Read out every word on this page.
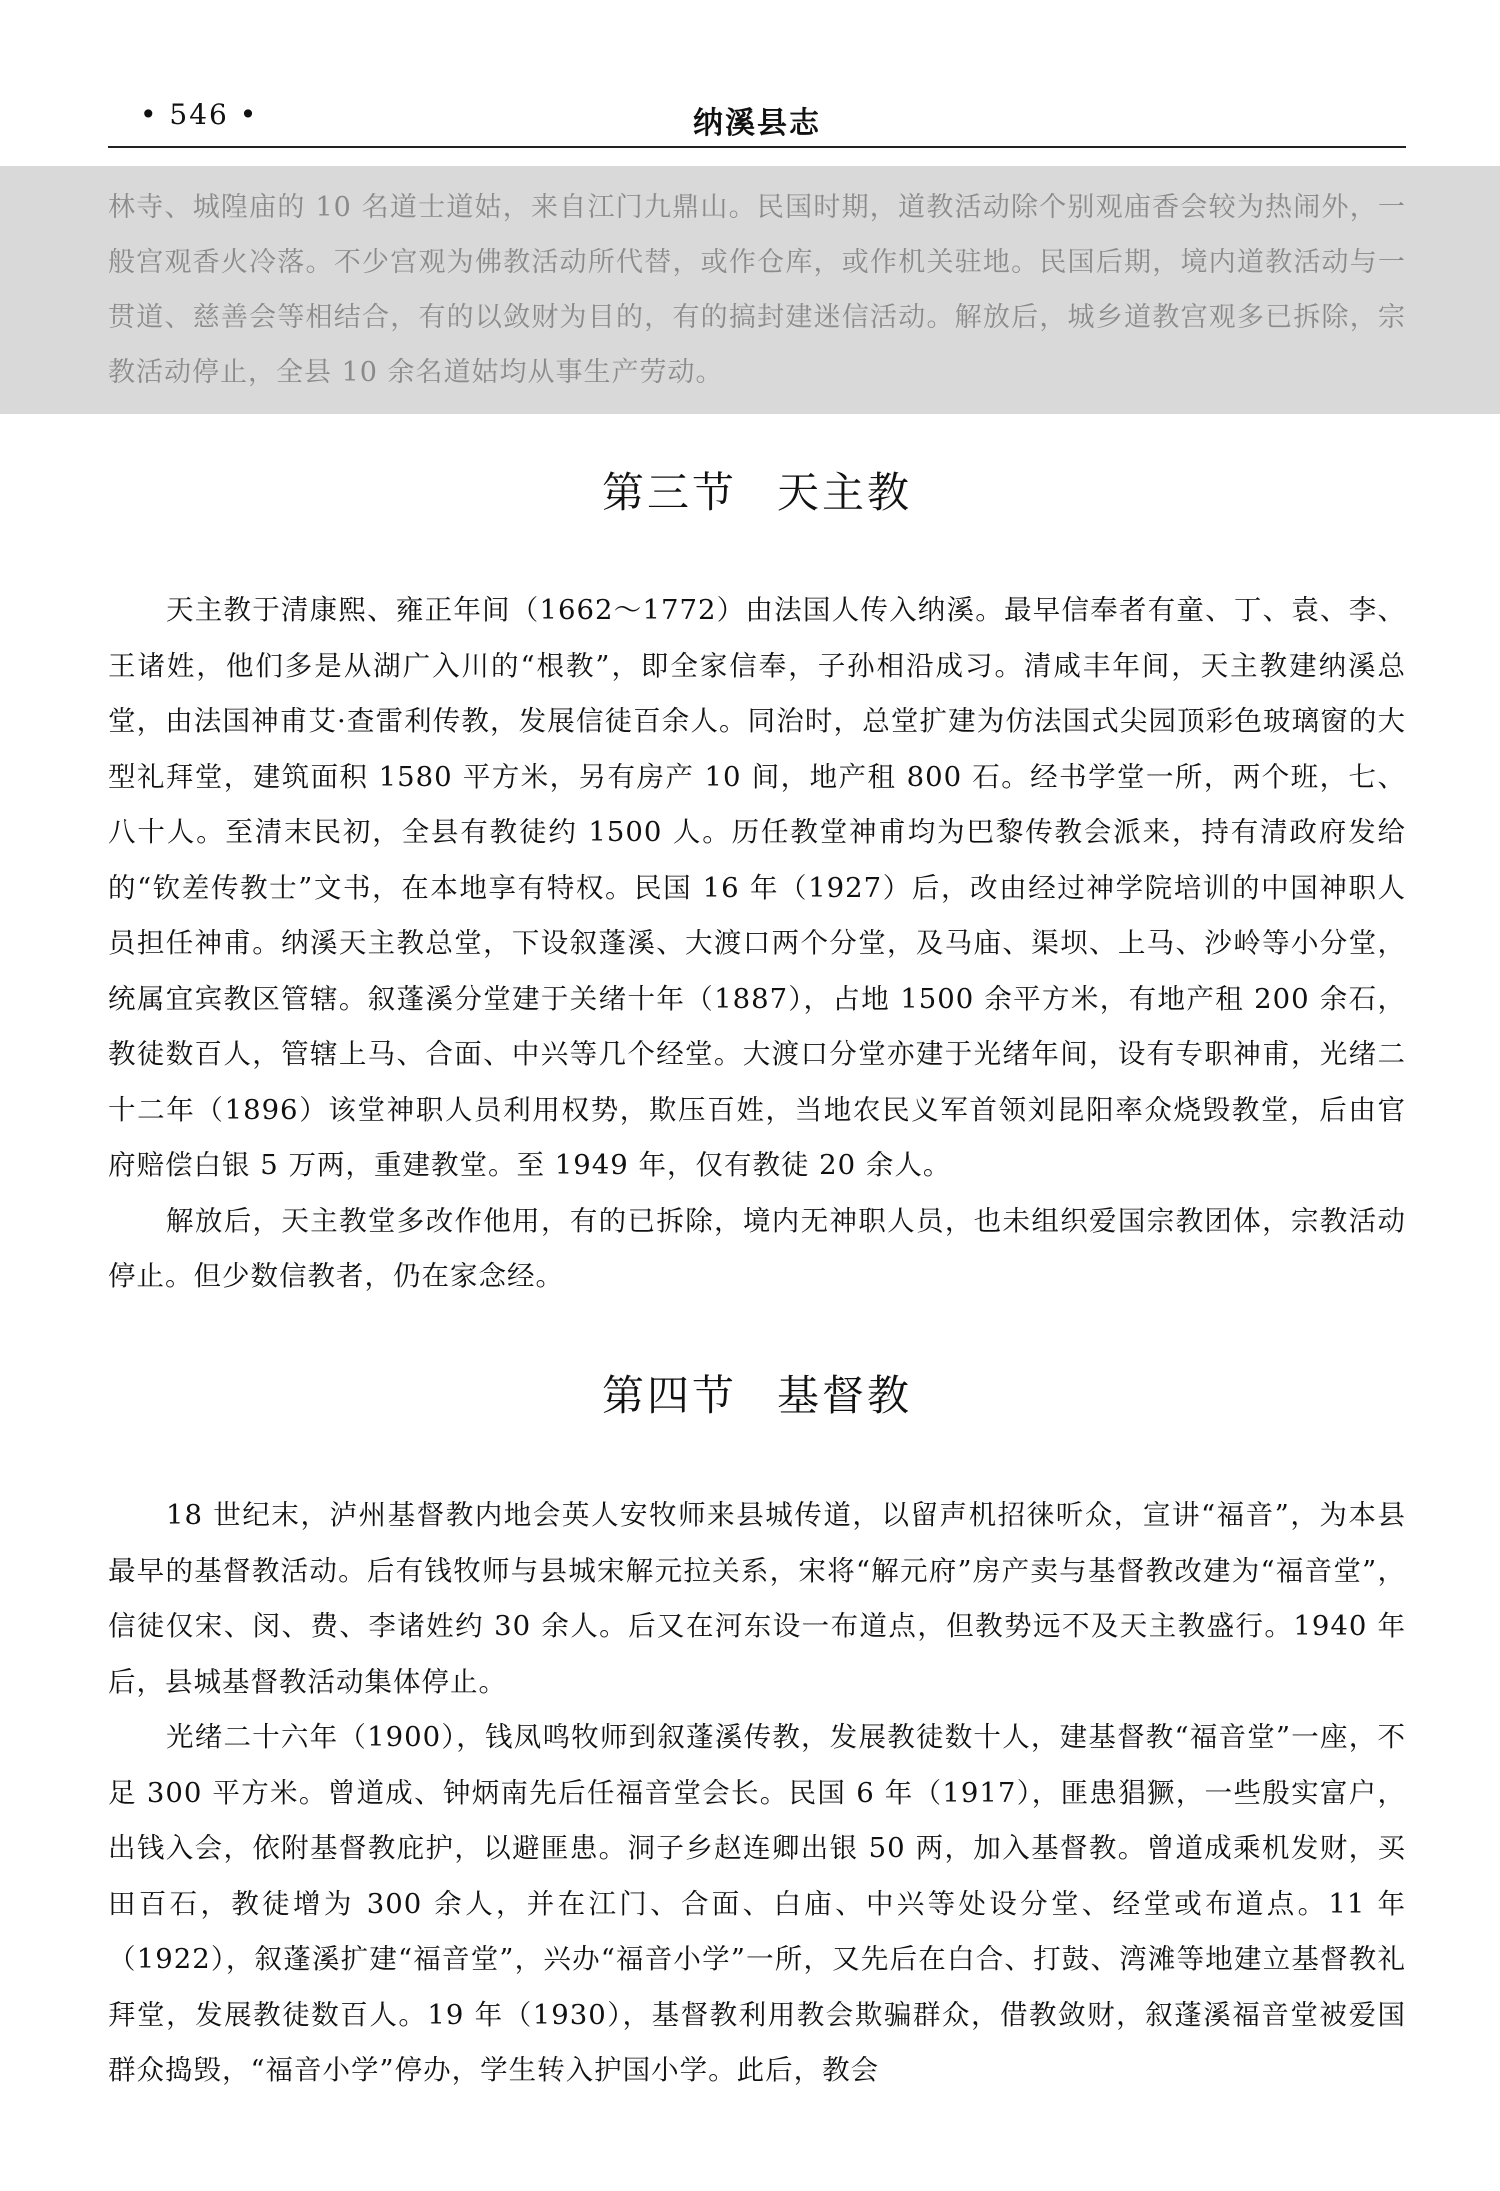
• 546 •	纳溪县志
林寺、城隍庙的 10 名道士道姑，来自江门九鼎山。民国时期，道教活动除个别观庙香会较为热闹外，一般宫观香火冷落。不少宫观为佛教活动所代替，或作仓库，或作机关驻地。民国后期，境内道教活动与一贯道、慈善会等相结合，有的以敛财为目的，有的搞封建迷信活动。解放后，城乡道教宫观多已拆除，宗教活动停止，全县 10 余名道姑均从事生产劳动。
第三节 天主教

天主教于清康熙、雍正年间（1662～1772）由法国人传入纳溪。最早信奉者有童、丁、袁、李、王诸姓，他们多是从湖广入川的“根教”，即全家信奉，子孙相沿成习。清咸丰年间，天主教建纳溪总堂，由法国神甫艾·查雷利传教，发展信徒百余人。同治时，总堂扩建为仿法国式尖园顶彩色玻璃窗的大型礼拜堂，建筑面积 1580 平方米，另有房产 10 间，地产租 800 石。经书学堂一所，两个班，七、八十人。至清末民初，全县有教徒约 1500 人。历任教堂神甫均为巴黎传教会派来，持有清政府发给的“钦差传教士”文书，在本地享有特权。民国 16 年（1927）后，改由经过神学院培训的中国神职人员担任神甫。纳溪天主教总堂，下设叙蓬溪、大渡口两个分堂，及马庙、渠坝、上马、沙岭等小分堂，统属宜宾教区管辖。叙蓬溪分堂建于关绪十年（1887），占地 1500 余平方米，有地产租 200 余石，教徒数百人，管辖上马、合面、中兴等几个经堂。大渡口分堂亦建于光绪年间，设有专职神甫，光绪二十二年（1896）该堂神职人员利用权势，欺压百姓，当地农民义军首领刘昆阳率众烧毁教堂，后由官府赔偿白银 5 万两，重建教堂。至 1949 年，仅有教徒 20 余人。

解放后，天主教堂多改作他用，有的已拆除，境内无神职人员，也未组织爱国宗教团体，宗教活动停止。但少数信教者，仍在家念经。

第四节 基督教

18 世纪末，泸州基督教内地会英人安牧师来县城传道，以留声机招徕听众，宣讲“福音”，为本县最早的基督教活动。后有钱牧师与县城宋解元拉关系，宋将“解元府”房产卖与基督教改建为“福音堂”，信徒仅宋、闵、费、李诸姓约 30 余人。后又在河东设一布道点，但教势远不及天主教盛行。1940 年后，县城基督教活动集体停止。

光绪二十六年（1900），钱凤鸣牧师到叙蓬溪传教，发展教徒数十人，建基督教“福音堂”一座，不足 300 平方米。曾道成、钟炳南先后任福音堂会长。民国 6 年（1917），匪患猖獗，一些殷实富户，出钱入会，依附基督教庇护，以避匪患。洞子乡赵连卿出银 50 两，加入基督教。曾道成乘机发财，买田百石，教徒增为 300 余人，并在江门、合面、白庙、中兴等处设分堂、经堂或布道点。11 年（1922），叙蓬溪扩建“福音堂”，兴办“福音小学”一所，又先后在白合、打鼓、湾滩等地建立基督教礼拜堂，发展教徒数百人。19 年（1930），基督教利用教会欺骗群众，借教敛财，叙蓬溪福音堂被爱国群众捣毁，“福音小学”停办，学生转入护国小学。此后，教会
